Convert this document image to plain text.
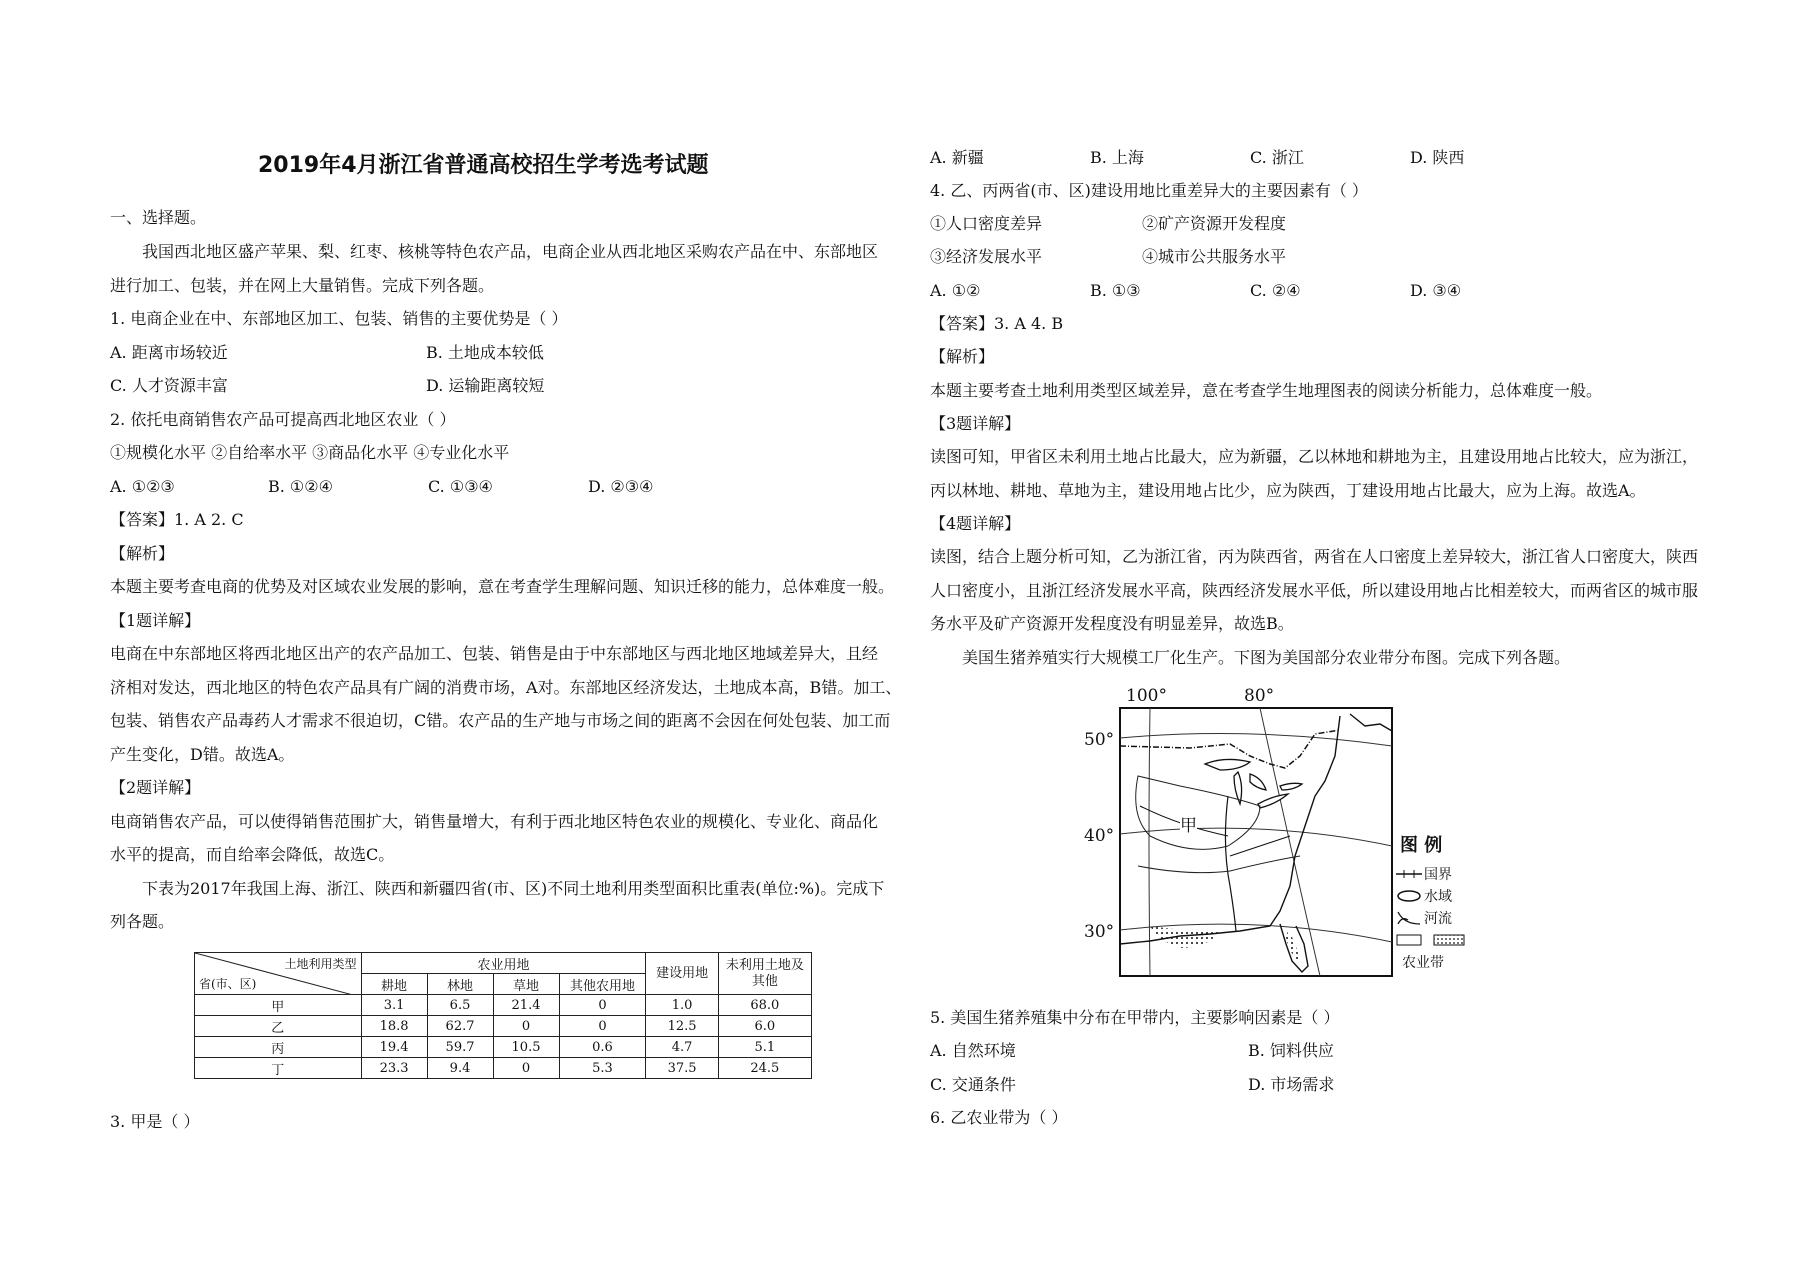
2019年4月浙江省普通高校招生学考选考试题
一、选择题。
我国西北地区盛产苹果、梨、红枣、核桃等特色农产品，电商企业从西北地区采购农产品在中、东部地区
进行加工、包装，并在网上大量销售。完成下列各题。
1. 电商企业在中、东部地区加工、包装、销售的主要优势是（ ）
A. 距离市场较近	B. 土地成本较低
C. 人才资源丰富	D. 运输距离较短
2. 依托电商销售农产品可提高西北地区农业（ ）
①规模化水平 ②自给率水平 ③商品化水平 ④专业化水平
A. ①②③	B. ①②④	C. ①③④	D. ②③④
【答案】1. A 2. C
【解析】
本题主要考查电商的优势及对区域农业发展的影响，意在考查学生理解问题、知识迁移的能力，总体难度一般。
【1题详解】
电商在中东部地区将西北地区出产的农产品加工、包装、销售是由于中东部地区与西北地区地域差异大，且经
济相对发达，西北地区的特色农产品具有广阔的消费市场，A对。东部地区经济发达，土地成本高，B错。加工、
包装、销售农产品毒药人才需求不很迫切，C错。农产品的生产地与市场之间的距离不会因在何处包装、加工而
产生变化，D错。故选A。
【2题详解】
电商销售农产品，可以使得销售范围扩大，销售量增大，有利于西北地区特色农业的规模化、专业化、商品化
水平的提高，而自给率会降低，故选C。
下表为2017年我国上海、浙江、陕西和新疆四省(市、区)不同土地利用类型面积比重表(单位:%)。完成下
列各题。
土地利用类型
省(市、区)	农业用地				建设用地	未利用土地及其他
	耕地	林地	草地	其他农用地		
甲	3.1	6.5	21.4	0	1.0	68.0
乙	18.8	62.7	0	0	12.5	6.0
丙	19.4	59.7	10.5	0.6	4.7	5.1
丁	23.3	9.4	0	5.3	37.5	24.5
3. 甲是（ ）
A. 新疆	B. 上海	C. 浙江	D. 陕西
4. 乙、丙两省(市、区)建设用地比重差异大的主要因素有（ ）
①人口密度差异	②矿产资源开发程度
③经济发展水平	④城市公共服务水平
A. ①②	B. ①③	C. ②④	D. ③④
【答案】3. A 4. B
【解析】
本题主要考查土地利用类型区域差异，意在考查学生地理图表的阅读分析能力，总体难度一般。
【3题详解】
读图可知，甲省区未利用土地占比最大，应为新疆，乙以林地和耕地为主，且建设用地占比较大，应为浙江，
丙以林地、耕地、草地为主，建设用地占比少，应为陕西，丁建设用地占比最大，应为上海。故选A。
【4题详解】
读图，结合上题分析可知，乙为浙江省，丙为陕西省，两省在人口密度上差异较大，浙江省人口密度大，陕西
人口密度小，且浙江经济发展水平高，陕西经济发展水平低，所以建设用地占比相差较大，而两省区的城市服
务水平及矿产资源开发程度没有明显差异，故选B。
美国生猪养殖实行大规模工厂化生产。下图为美国部分农业带分布图。完成下列各题。
100°	80°
50°
40°
30°
甲
图 例
国界
水域
河流
农业带
5. 美国生猪养殖集中分布在甲带内，主要影响因素是（ ）
A. 自然环境	B. 饲料供应
C. 交通条件	D. 市场需求
6. 乙农业带为（ ）
